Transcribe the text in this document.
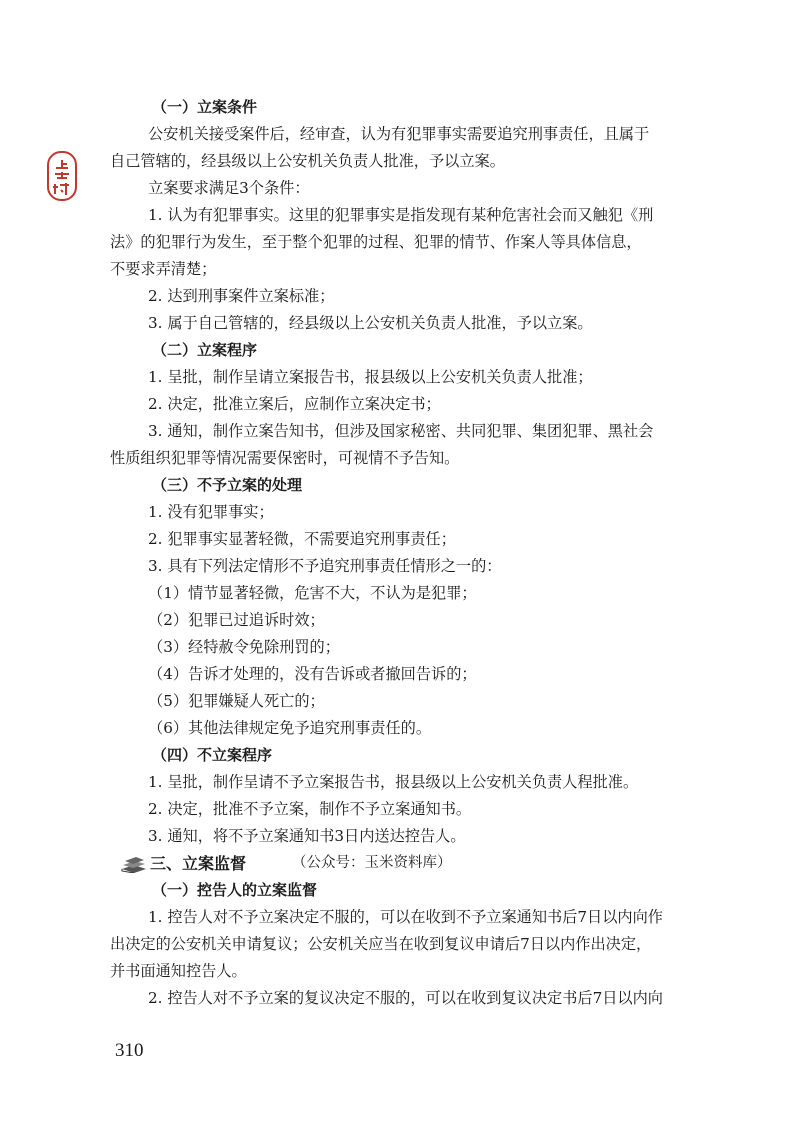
（一）立案条件
公安机关接受案件后，经审查，认为有犯罪事实需要追究刑事责任，且属于
自己管辖的，经县级以上公安机关负责人批准，予以立案。
立案要求满足3个条件：
1. 认为有犯罪事实。这里的犯罪事实是指发现有某种危害社会而又触犯《刑
法》的犯罪行为发生，至于整个犯罪的过程、犯罪的情节、作案人等具体信息，
不要求弄清楚；
2. 达到刑事案件立案标准；
3. 属于自己管辖的，经县级以上公安机关负责人批准，予以立案。
（二）立案程序
1. 呈批，制作呈请立案报告书，报县级以上公安机关负责人批准；
2. 决定，批准立案后，应制作立案决定书；
3. 通知，制作立案告知书，但涉及国家秘密、共同犯罪、集团犯罪、黑社会
性质组织犯罪等情况需要保密时，可视情不予告知。
（三）不予立案的处理
1. 没有犯罪事实；
2. 犯罪事实显著轻微，不需要追究刑事责任；
3. 具有下列法定情形不予追究刑事责任情形之一的：
（1）情节显著轻微，危害不大，不认为是犯罪；
（2）犯罪已过追诉时效；
（3）经特赦令免除刑罚的；
（4）告诉才处理的，没有告诉或者撤回告诉的；
（5）犯罪嫌疑人死亡的；
（6）其他法律规定免予追究刑事责任的。
（四）不立案程序
1. 呈批，制作呈请不予立案报告书，报县级以上公安机关负责人程批准。
2. 决定，批准不予立案，制作不予立案通知书。
3. 通知，将不予立案通知书3日内送达控告人。
三、立案监督	（公众号：玉米资料库）
（一）控告人的立案监督
1. 控告人对不予立案决定不服的，可以在收到不予立案通知书后7日以内向作
出决定的公安机关申请复议；公安机关应当在收到复议申请后7日以内作出决定，
并书面通知控告人。
2. 控告人对不予立案的复议决定不服的，可以在收到复议决定书后7日以内向
310
